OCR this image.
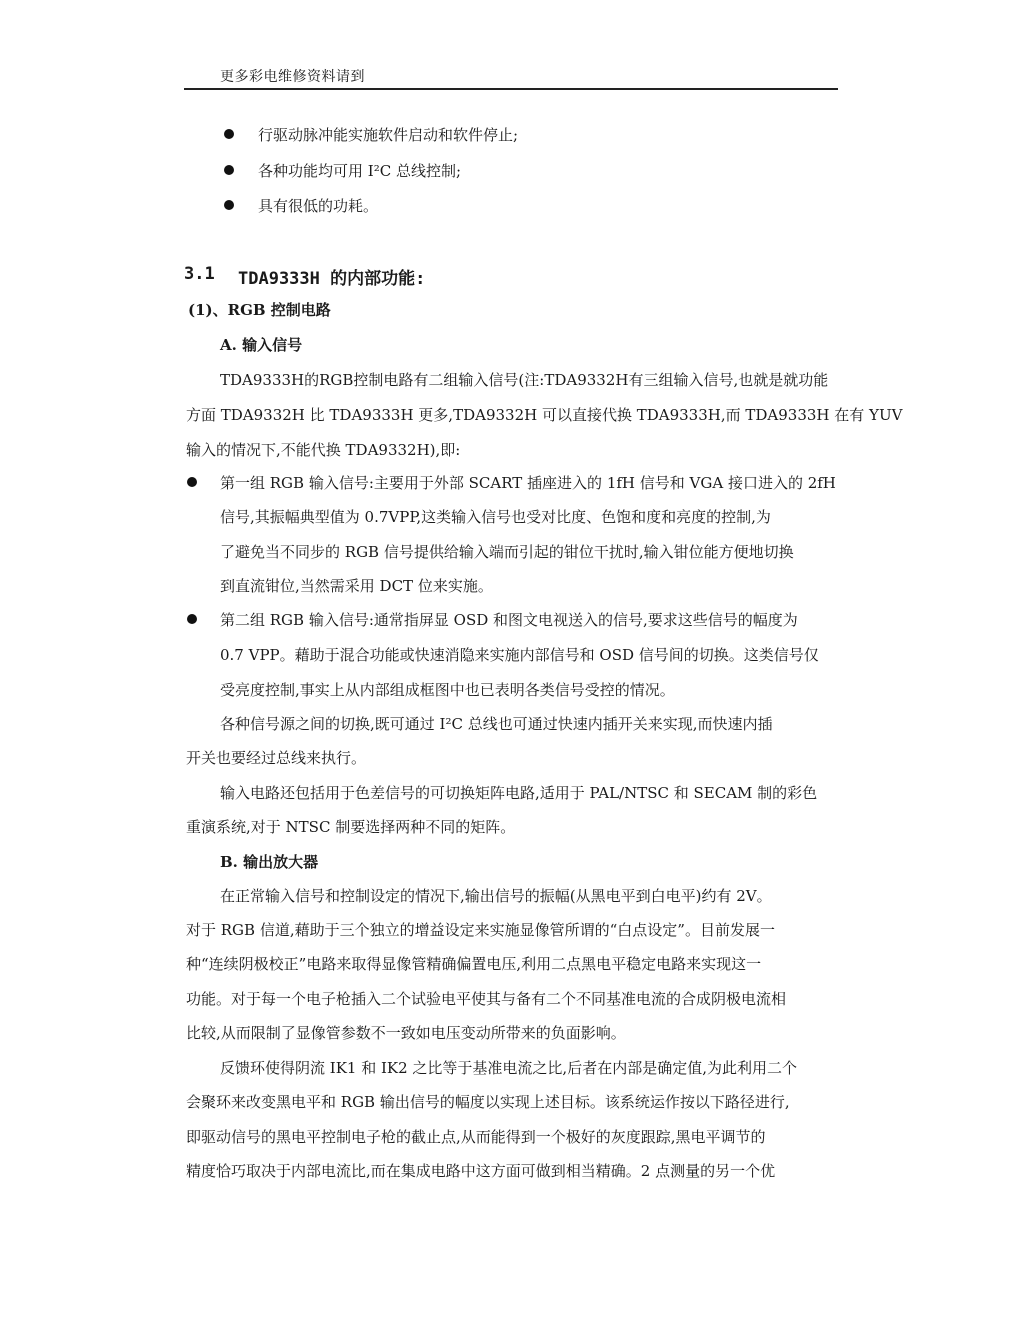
更多彩电维修资料请到
行驱动脉冲能实施软件启动和软件停止;
各种功能均可用 I²C 总线控制;
具有很低的功耗。
3.1 TDA9333H 的内部功能:
(1)、RGB 控制电路
A. 输入信号
TDA9333H的RGB控制电路有二组输入信号(注:TDA9332H有三组输入信号,也就是就功能
方面 TDA9332H 比 TDA9333H 更多,TDA9332H 可以直接代换 TDA9333H,而 TDA9333H 在有 YUV
输入的情况下,不能代换 TDA9332H),即:
第一组 RGB 输入信号:主要用于外部 SCART 插座进入的 1fH 信号和 VGA 接口进入的 2fH
信号,其振幅典型值为 0.7VPP,这类输入信号也受对比度、色饱和度和亮度的控制,为
了避免当不同步的 RGB 信号提供给输入端而引起的钳位干扰时,输入钳位能方便地切换
到直流钳位,当然需采用 DCT 位来实施。
第二组 RGB 输入信号:通常指屏显 OSD 和图文电视送入的信号,要求这些信号的幅度为
0.7 VPP。藉助于混合功能或快速消隐来实施内部信号和 OSD 信号间的切换。这类信号仅
受亮度控制,事实上从内部组成框图中也已表明各类信号受控的情况。
各种信号源之间的切换,既可通过 I²C 总线也可通过快速内插开关来实现,而快速内插
开关也要经过总线来执行。
输入电路还包括用于色差信号的可切换矩阵电路,适用于 PAL/NTSC 和 SECAM 制的彩色
重演系统,对于 NTSC 制要选择两种不同的矩阵。
B. 输出放大器
在正常输入信号和控制设定的情况下,输出信号的振幅(从黑电平到白电平)约有 2V。
对于 RGB 信道,藉助于三个独立的增益设定来实施显像管所谓的“白点设定”。目前发展一
种“连续阴极校正”电路来取得显像管精确偏置电压,利用二点黑电平稳定电路来实现这一
功能。对于每一个电子枪插入二个试验电平使其与备有二个不同基准电流的合成阴极电流相
比较,从而限制了显像管参数不一致如电压变动所带来的负面影响。
反馈环使得阴流 IK1 和 IK2 之比等于基准电流之比,后者在内部是确定值,为此利用二个
会聚环来改变黑电平和 RGB 输出信号的幅度以实现上述目标。该系统运作按以下路径进行,
即驱动信号的黑电平控制电子枪的截止点,从而能得到一个极好的灰度跟踪,黑电平调节的
精度恰巧取决于内部电流比,而在集成电路中这方面可做到相当精确。2 点测量的另一个优
